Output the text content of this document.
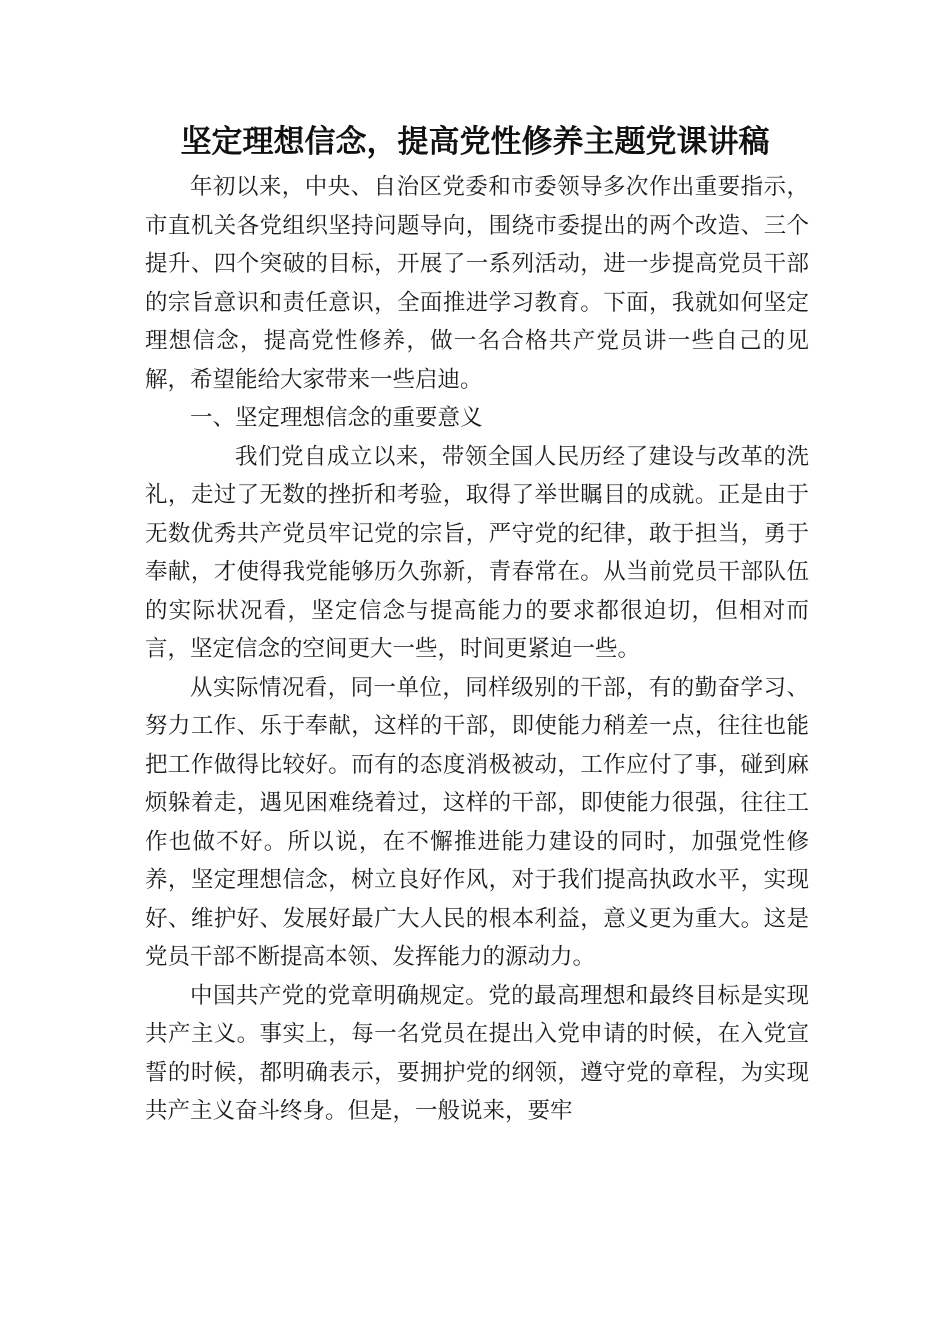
坚定理想信念，提高党性修养主题党课讲稿

年初以来，中央、自治区党委和市委领导多次作出重要指示，市直机关各党组织坚持问题导向，围绕市委提出的两个改造、三个提升、四个突破的目标，开展了一系列活动，进一步提高党员干部的宗旨意识和责任意识，全面推进学习教育。下面，我就如何坚定理想信念，提高党性修养，做一名合格共产党员讲一些自己的见解，希望能给大家带来一些启迪。

一、坚定理想信念的重要意义

我们党自成立以来，带领全国人民历经了建设与改革的洗礼，走过了无数的挫折和考验，取得了举世瞩目的成就。正是由于无数优秀共产党员牢记党的宗旨，严守党的纪律，敢于担当，勇于奉献，才使得我党能够历久弥新，青春常在。从当前党员干部队伍的实际状况看，坚定信念与提高能力的要求都很迫切，但相对而言，坚定信念的空间更大一些，时间更紧迫一些。

从实际情况看，同一单位，同样级别的干部，有的勤奋学习、努力工作、乐于奉献，这样的干部，即使能力稍差一点，往往也能把工作做得比较好。而有的态度消极被动，工作应付了事，碰到麻烦躲着走，遇见困难绕着过，这样的干部，即使能力很强，往往工作也做不好。所以说，在不懈推进能力建设的同时，加强党性修养，坚定理想信念，树立良好作风，对于我们提高执政水平，实现好、维护好、发展好最广大人民的根本利益，意义更为重大。这是党员干部不断提高本领、发挥能力的源动力。

中国共产党的党章明确规定。党的最高理想和最终目标是实现共产主义。事实上，每一名党员在提出入党申请的时候，在入党宣誓的时候，都明确表示，要拥护党的纲领，遵守党的章程，为实现共产主义奋斗终身。但是，一般说来，要牢
